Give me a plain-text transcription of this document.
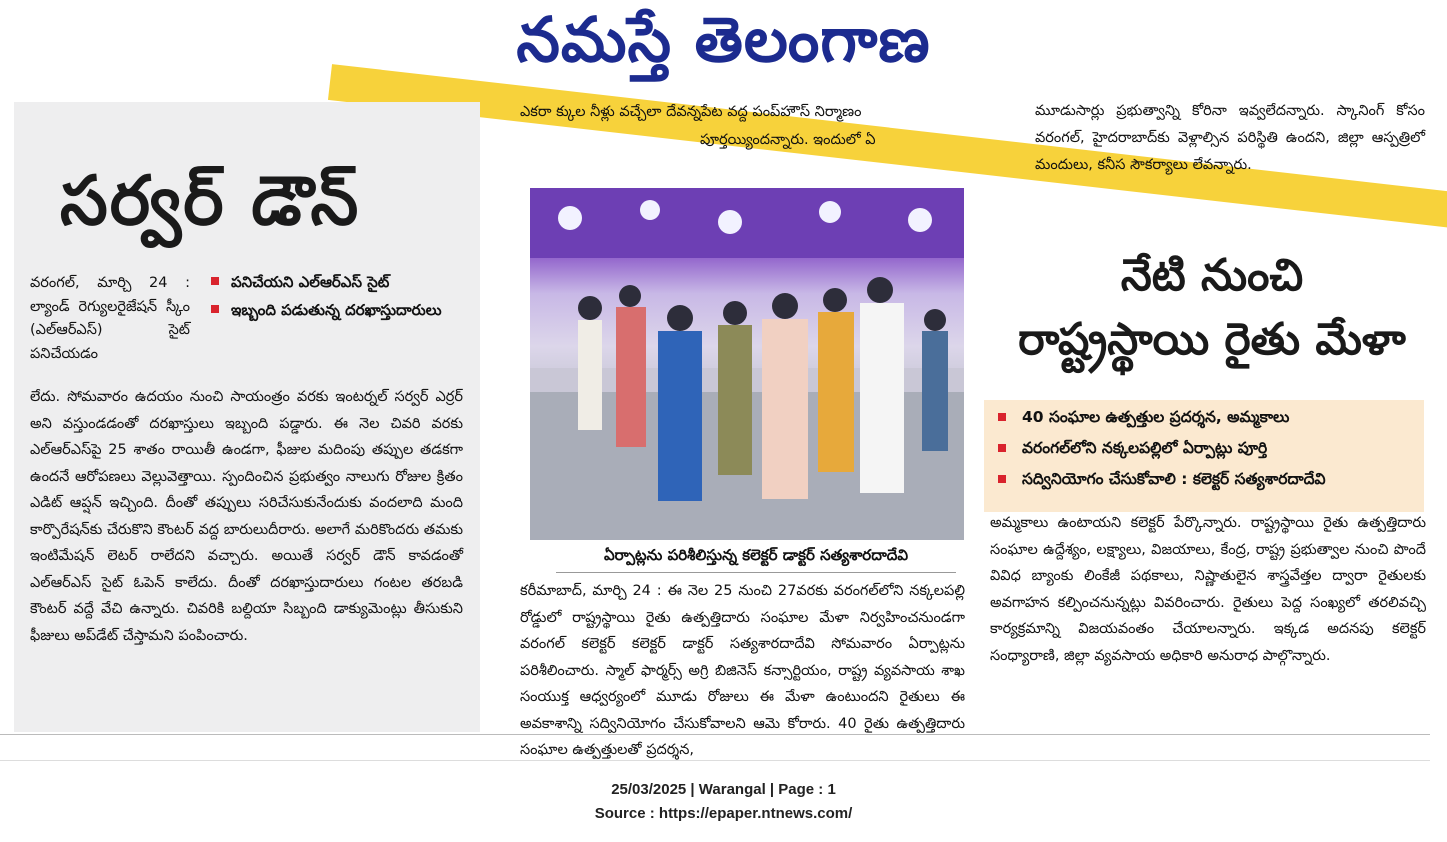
నమస్తే తెలంగాణ
ఎకరా క్కుల నీళ్లు వచ్చేలా దేవన్నపేట వద్ద పంప్‌హౌస్ నిర్మాణం
పూర్తయ్యిందన్నారు. ఇందులో ఏ
మూడుసార్లు ప్రభుత్వాన్ని కోరినా ఇవ్వలేదన్నారు. స్కానింగ్ కోసం వరంగల్, హైదరాబాద్‌కు వెళ్లాల్సిన పరిస్థితి ఉందని, జిల్లా ఆస్పత్రిలో మందులు, కనీస సౌకర్యాలు లేవన్నారు.
సర్వర్ డౌన్
వరంగల్, మార్చి 24 : ల్యాండ్ రెగ్యులరైజేషన్ స్కీం (ఎల్ఆర్ఎస్) సైట్ పనిచేయడం
పనిచేయని ఎల్ఆర్ఎస్ సైట్
ఇబ్బంది పడుతున్న దరఖాస్తుదారులు

లేదు. సోమవారం ఉదయం నుంచి సాయంత్రం వరకు ఇంటర్నల్ సర్వర్ ఎర్రర్ అని వస్తుండడంతో దరఖాస్తులు ఇబ్బంది పడ్డారు. ఈ నెల చివరి వరకు ఎల్ఆర్ఎస్‌పై 25 శాతం రాయితీ ఉండగా, ఫీజుల మదింపు తప్పుల తడకగా ఉందనే ఆరోపణలు వెల్లువెత్తాయి. స్పందించిన ప్రభుత్వం నాలుగు రోజుల క్రితం ఎడిట్ ఆప్షన్ ఇచ్చింది. దీంతో తప్పులు సరిచేసుకునేందుకు వందలాది మంది కార్పొరేషన్‌కు చేరుకొని కౌంటర్ వద్ద బారులుదీరారు. అలాగే మరికొందరు తమకు ఇంటిమేషన్ లెటర్ రాలేదని వచ్చారు. అయితే సర్వర్ డౌన్ కావడంతో ఎల్ఆర్ఎస్ సైట్ ఓపెన్ కాలేదు. దీంతో దరఖాస్తుదారులు గంటల తరబడి కౌంటర్ వద్దే వేచి ఉన్నారు. చివరికి బల్దియా సిబ్బంది డాక్యుమెంట్లు తీసుకుని ఫీజులు అప్‌డేట్ చేస్తామని పంపించారు.

ఏర్పాట్లను పరిశీలిస్తున్న కలెక్టర్ డాక్టర్ సత్యశారదాదేవి

కరీమాబాద్, మార్చి 24 : ఈ నెల 25 నుంచి 27వరకు వరంగల్‌లోని నక్కలపల్లి రోడ్డులో రాష్ట్రస్థాయి రైతు ఉత్పత్తిదారు సంఘాల మేళా నిర్వహించనుండగా వరంగల్ కలెక్టర్ కలెక్టర్ డాక్టర్ సత్యశారదాదేవి సోమవారం ఏర్పాట్లను పరిశీలించారు. స్మాల్ ఫార్మర్స్ అగ్రి బిజినెస్ కన్సార్టియం, రాష్ట్ర వ్యవసాయ శాఖ సంయుక్త ఆధ్వర్యంలో మూడు రోజులు ఈ మేళా ఉంటుందని రైతులు ఈ అవకాశాన్ని సద్వినియోగం చేసుకోవాలని ఆమె కోరారు. 40 రైతు ఉత్పత్తిదారు సంఘాల ఉత్పత్తులతో ప్రదర్శన,

నేటి నుంచి
రాష్ట్రస్థాయి రైతు మేళా
40 సంఘాల ఉత్పత్తుల ప్రదర్శన, అమ్మకాలు
వరంగల్‌లోని నక్కలపల్లిలో ఏర్పాట్లు పూర్తి
సద్వినియోగం చేసుకోవాలి : కలెక్టర్ సత్యశారదాదేవి

అమ్మకాలు ఉంటాయని కలెక్టర్ పేర్కొన్నారు. రాష్ట్రస్థాయి రైతు ఉత్పత్తిదారు సంఘాల ఉద్దేశ్యం, లక్ష్యాలు, విజయాలు, కేంద్ర, రాష్ట్ర ప్రభుత్వాల నుంచి పొందే వివిధ బ్యాంకు లింకేజీ పథకాలు, నిష్ణాతులైన శాస్త్రవేత్తల ద్వారా రైతులకు అవగాహన కల్పించనున్నట్లు వివరించారు. రైతులు పెద్ద సంఖ్యలో తరలివచ్చి కార్యక్రమాన్ని విజయవంతం చేయాలన్నారు. ఇక్కడ అదనపు కలెక్టర్ సంధ్యారాణి, జిల్లా వ్యవసాయ అధికారి అనురాధ పాల్గొన్నారు.

25/03/2025 | Warangal | Page : 1
Source : https://epaper.ntnews.com/
